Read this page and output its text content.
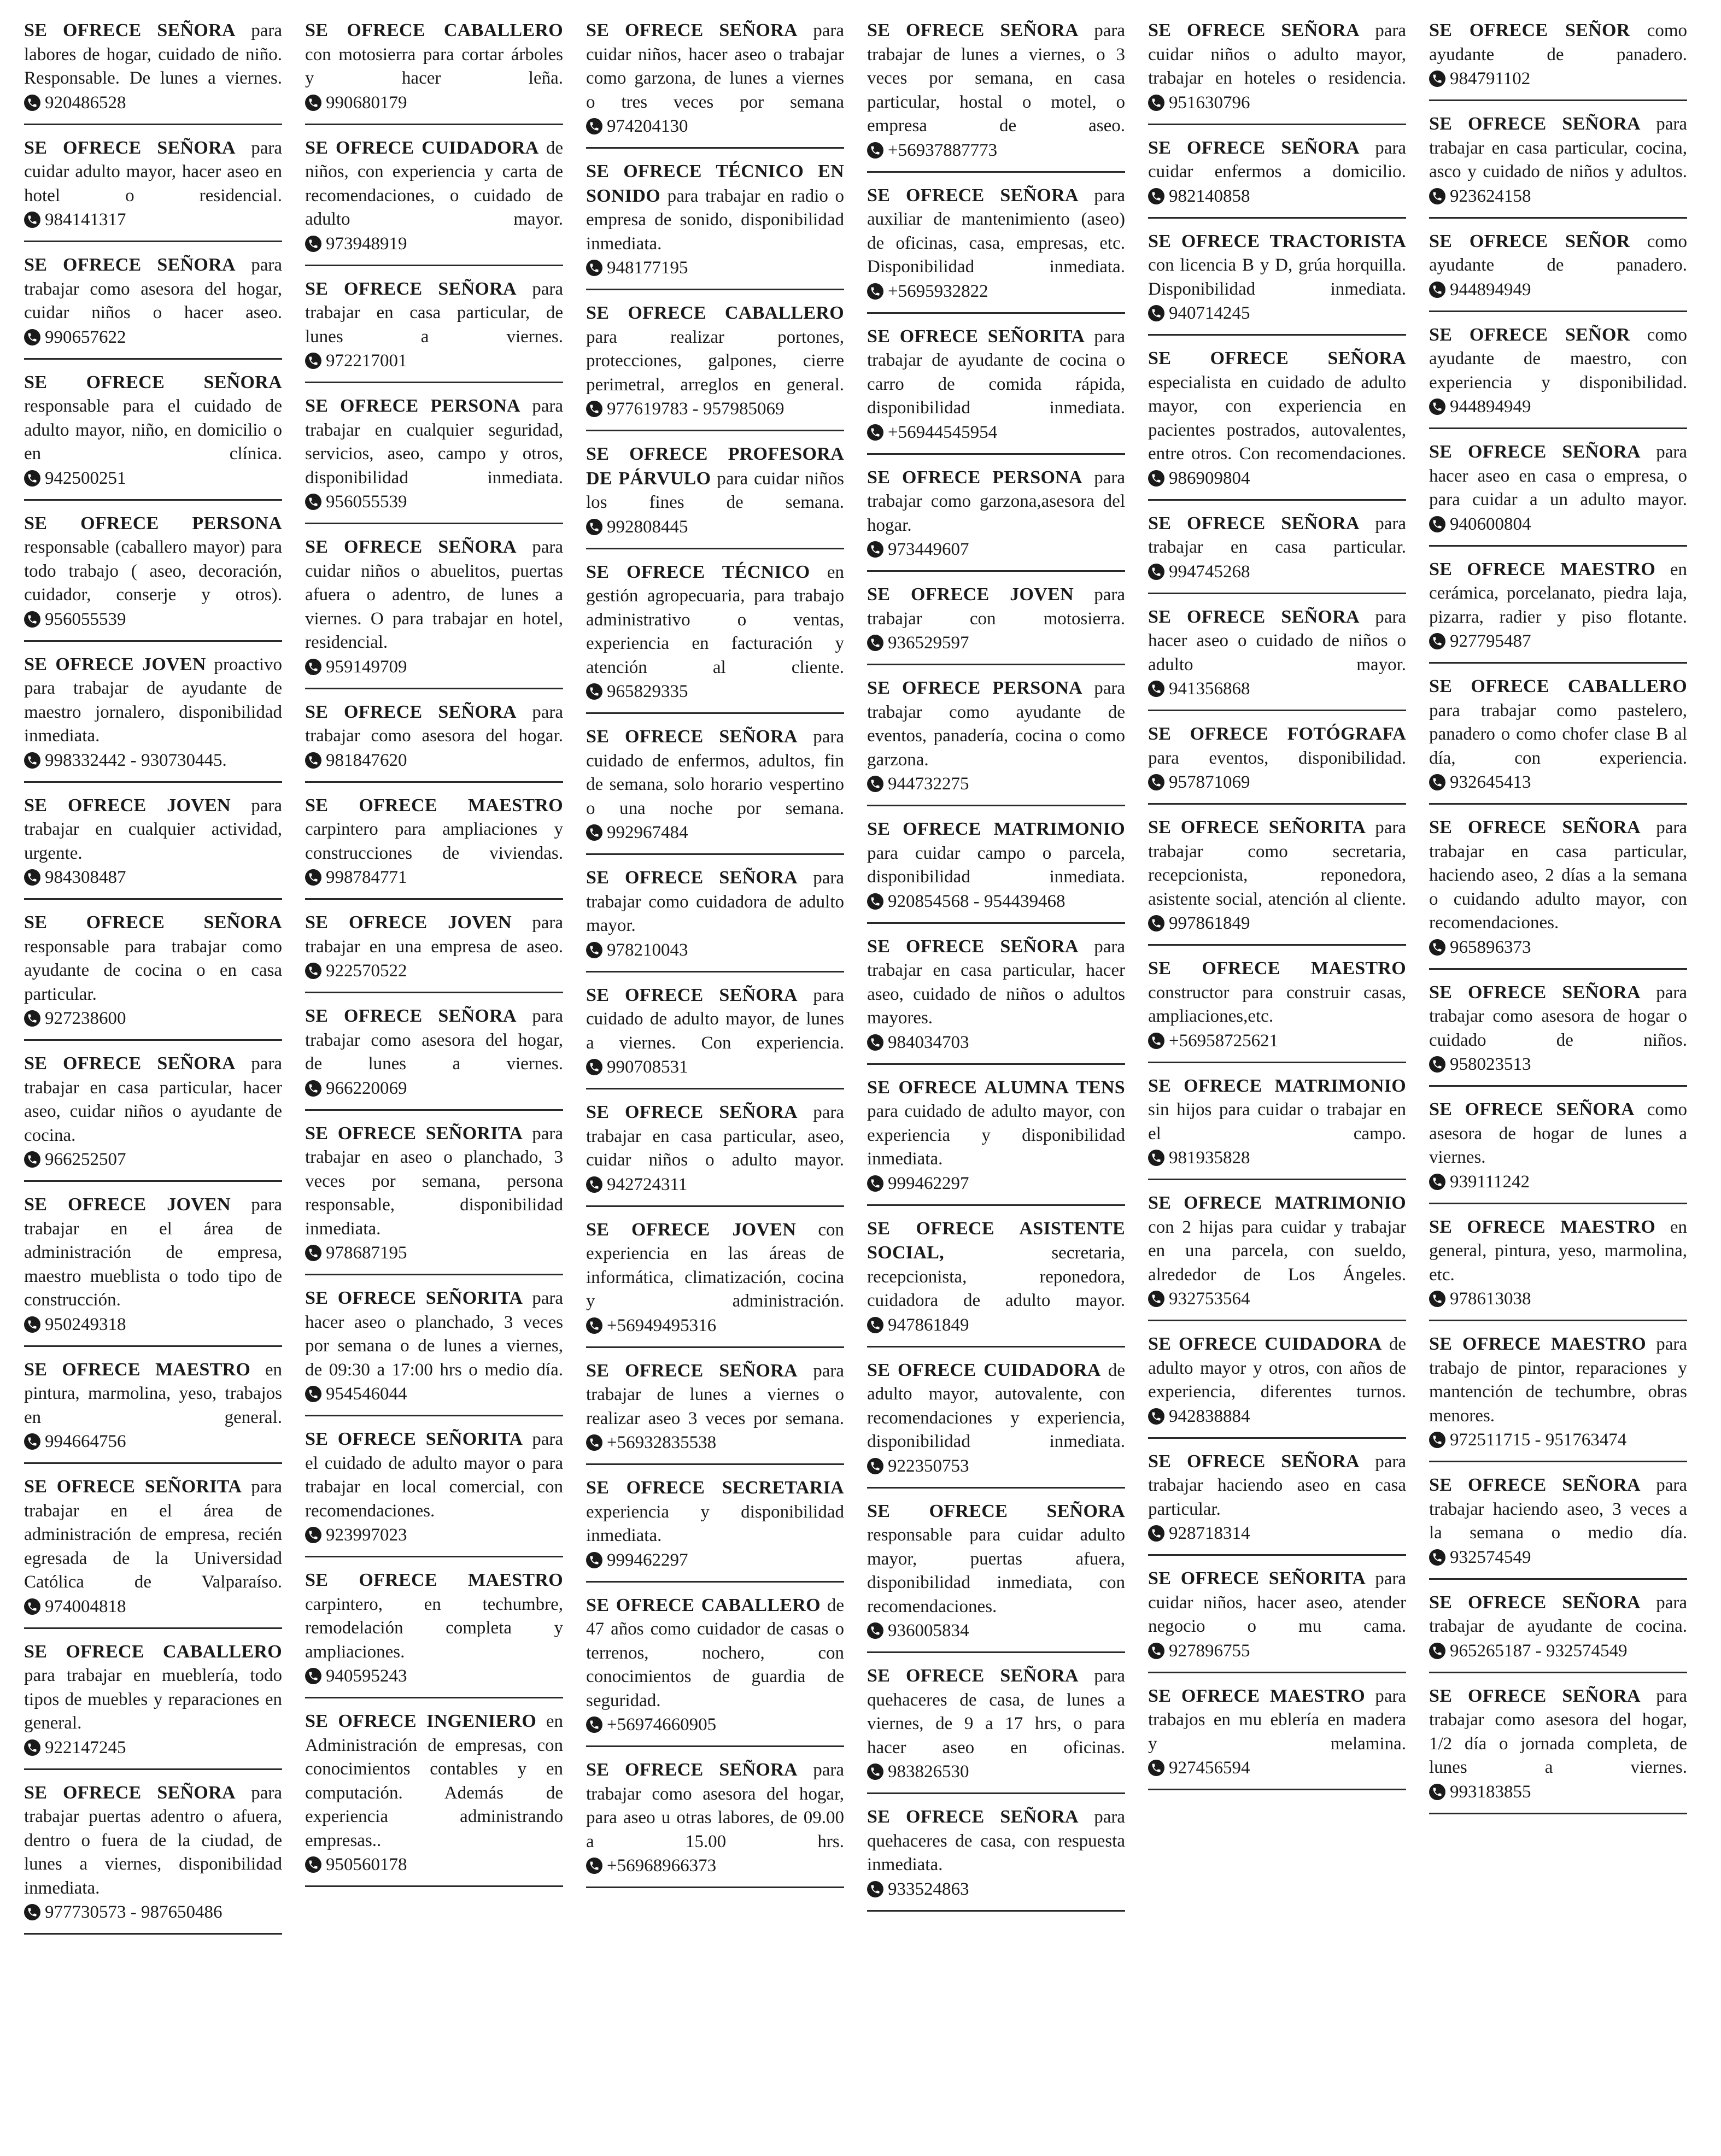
SE OFRECE SEÑORA para labores de hogar, cuidado de niño. Responsable. De lunes a viernes.

920486528

SE OFRECE SEÑORA para cuidar adulto mayor, hacer aseo en hotel o residencial.

984141317

SE OFRECE SEÑORA para trabajar como asesora del hogar, cuidar niños o hacer aseo.

990657622

SE OFRECE SEÑORA responsable para el cuidado de adulto mayor, niño, en domicilio o en clínica.

942500251

SE OFRECE PERSONA responsable (caballero mayor) para todo trabajo ( aseo, decoración, cuidador, conserje y otros).

956055539

SE OFRECE JOVEN proactivo para trabajar de ayudante de maestro jornalero, disponibilidad inmediata.

998332442 - 930730445.

SE OFRECE JOVEN para trabajar en cualquier actividad, urgente.

984308487

SE OFRECE SEÑORA responsable para trabajar como ayudante de cocina o en casa particular.

927238600

SE OFRECE SEÑORA para trabajar en casa particular, hacer aseo, cuidar niños o ayudante de cocina.

966252507

SE OFRECE JOVEN para trabajar en el área de administración de empresa, maestro mueblista o todo tipo de construcción.

950249318

SE OFRECE MAESTRO en pintura, marmolina, yeso, trabajos en general.

994664756

SE OFRECE SEÑORITA para trabajar en el área de administración de empresa, recién egresada de la Universidad Católica de Valparaíso.

974004818

SE OFRECE CABALLERO para trabajar en mueblería, todo tipos de muebles y reparaciones en general.

922147245

SE OFRECE SEÑORA para trabajar puertas adentro o afuera, dentro o fuera de la ciudad, de lunes a viernes, disponibilidad inmediata.

977730573 - 987650486

SE OFRECE CABALLERO con motosierra para cortar árboles y hacer leña.

990680179

SE OFRECE CUIDADORA de niños, con experiencia y carta de recomendaciones, o cuidado de adulto mayor.

973948919

SE OFRECE SEÑORA para trabajar en casa particular, de lunes a viernes.

972217001

SE OFRECE PERSONA para trabajar en cualquier seguridad, servicios, aseo, campo y otros, disponibilidad inmediata.

956055539

SE OFRECE SEÑORA para cuidar niños o abuelitos, puertas afuera o adentro, de lunes a viernes. O para trabajar en hotel, residencial.

959149709

SE OFRECE SEÑORA para trabajar como asesora del hogar.

981847620

SE OFRECE MAESTRO carpintero para ampliaciones y construcciones de viviendas.

998784771

SE OFRECE JOVEN para trabajar en una empresa de aseo.

922570522

SE OFRECE SEÑORA para trabajar como asesora del hogar, de lunes a viernes.

966220069

SE OFRECE SEÑORITA para trabajar en aseo o planchado, 3 veces por semana, persona responsable, disponibilidad inmediata.

978687195

SE OFRECE SEÑORITA para hacer aseo o planchado, 3 veces por semana o de lunes a viernes, de 09:30 a 17:00 hrs o medio día.

954546044

SE OFRECE SEÑORITA para el cuidado de adulto mayor o para trabajar en local comercial, con recomendaciones.

923997023

SE OFRECE MAESTRO carpintero, en techumbre, remodelación completa y ampliaciones.

940595243

SE OFRECE INGENIERO en Administración de empresas, con conocimientos contables y en computación. Además de experiencia administrando empresas..

950560178

SE OFRECE SEÑORA para cuidar niños, hacer aseo o trabajar como garzona, de lunes a viernes o tres veces por semana

974204130

SE OFRECE TÉCNICO EN SONIDO para trabajar en radio o empresa de sonido, disponibilidad inmediata.

948177195

SE OFRECE CABALLERO para realizar portones, protecciones, galpones, cierre perimetral, arreglos en general.

977619783 - 957985069

SE OFRECE PROFESORA DE PÁRVULO para cuidar niños los fines de semana.

992808445

SE OFRECE TÉCNICO en gestión agropecuaria, para trabajo administrativo o ventas, experiencia en facturación y atención al cliente.

965829335

SE OFRECE SEÑORA para cuidado de enfermos, adultos, fin de semana, solo horario vespertino o una noche por semana.

992967484

SE OFRECE SEÑORA para trabajar como cuidadora de adulto mayor.

978210043

SE OFRECE SEÑORA para cuidado de adulto mayor, de lunes a viernes. Con experiencia.

990708531

SE OFRECE SEÑORA para trabajar en casa particular, aseo, cuidar niños o adulto mayor.

942724311

SE OFRECE JOVEN con experiencia en las áreas de informática, climatización, cocina y administración.

+56949495316

SE OFRECE SEÑORA para trabajar de lunes a viernes o realizar aseo 3 veces por semana.

+56932835538

SE OFRECE SECRETARIA experiencia y disponibilidad inmediata.

999462297

SE OFRECE CABALLERO de 47 años como cuidador de casas o terrenos, nochero, con conocimientos de guardia de seguridad.

+56974660905

SE OFRECE SEÑORA para trabajar como asesora del hogar, para aseo u otras labores, de 09.00 a 15.00 hrs.

+56968966373

SE OFRECE SEÑORA para trabajar de lunes a viernes, o 3 veces por semana, en casa particular, hostal o motel, o empresa de aseo.

+56937887773

SE OFRECE SEÑORA para auxiliar de mantenimiento (aseo) de oficinas, casa, empresas, etc. Disponibilidad inmediata.

+5695932822

SE OFRECE SEÑORITA para trabajar de ayudante de cocina o carro de comida rápida, disponibilidad inmediata.

+56944545954

SE OFRECE PERSONA para trabajar como garzona,asesora del hogar.

973449607

SE OFRECE JOVEN para trabajar con motosierra.

936529597

SE OFRECE PERSONA para trabajar como ayudante de eventos, panadería, cocina o como garzona.

944732275

SE OFRECE MATRIMONIO para cuidar campo o parcela, disponibilidad inmediata.

920854568 - 954439468

SE OFRECE SEÑORA para trabajar en casa particular, hacer aseo, cuidado de niños o adultos mayores.

984034703

SE OFRECE ALUMNA TENS para cuidado de adulto mayor, con experiencia y disponibilidad inmediata.

999462297

SE OFRECE ASISTENTE SOCIAL,	secretaria, recepcionista, reponedora, cuidadora de adulto mayor.

947861849

SE OFRECE CUIDADORA de adulto mayor, autovalente, con recomendaciones y experiencia, disponibilidad inmediata.

922350753

SE OFRECE SEÑORA responsable para cuidar adulto mayor, puertas afuera, disponibilidad inmediata, con recomendaciones.

936005834

SE OFRECE SEÑORA para quehaceres de casa, de lunes a viernes, de 9 a 17 hrs, o para hacer aseo en oficinas.

983826530

SE OFRECE SEÑORA para quehaceres de casa, con respuesta inmediata.

933524863

SE OFRECE SEÑORA para cuidar niños o adulto mayor, trabajar en hoteles o residencia.

951630796

SE OFRECE SEÑORA para cuidar enfermos a domicilio.

982140858

SE OFRECE TRACTORISTA con licencia B y D, grúa horquilla. Disponibilidad inmediata.

940714245

SE OFRECE SEÑORA especialista en cuidado de adulto mayor, con experiencia en pacientes postrados, autovalentes, entre otros. Con recomendaciones.

986909804

SE OFRECE SEÑORA para trabajar en casa particular.

994745268

SE OFRECE SEÑORA para hacer aseo o cuidado de niños o adulto mayor.

941356868

SE OFRECE FOTÓGRAFA para eventos, disponibilidad.

957871069

SE OFRECE SEÑORITA para trabajar como secretaria, recepcionista, reponedora, asistente social, atención al cliente.

997861849

SE OFRECE MAESTRO constructor para construir casas, ampliaciones,etc.

+56958725621

SE OFRECE MATRIMONIO sin hijos para cuidar o trabajar en el campo.

981935828

SE OFRECE MATRIMONIO con 2 hijas para cuidar y trabajar en una parcela, con sueldo, alrededor de Los Ángeles.

932753564

SE OFRECE CUIDADORA de adulto mayor y otros, con años de experiencia, diferentes turnos.

942838884

SE OFRECE SEÑORA para trabajar haciendo aseo en casa particular.

928718314

SE OFRECE SEÑORITA para cuidar niños, hacer aseo, atender negocio o mu cama.

927896755

SE OFRECE MAESTRO para trabajos en mu eblería en madera y melamina.

927456594

SE OFRECE SEÑOR como ayudante de panadero.

984791102

SE OFRECE SEÑORA para trabajar en casa particular, cocina, asco y cuidado de niños y adultos.

923624158

SE OFRECE SEÑOR como ayudante de panadero.

944894949

SE OFRECE SEÑOR como ayudante de maestro, con experiencia y disponibilidad.

944894949

SE OFRECE SEÑORA para hacer aseo en casa o empresa, o para cuidar a un adulto mayor.

940600804

SE OFRECE MAESTRO en cerámica, porcelanato, piedra laja, pizarra, radier y piso flotante.

927795487

SE OFRECE CABALLERO para trabajar como pastelero, panadero o como chofer clase B al día, con experiencia.

932645413

SE OFRECE SEÑORA para trabajar en casa particular, haciendo aseo, 2 días a la semana o cuidando adulto mayor, con recomendaciones.

965896373

SE OFRECE SEÑORA para trabajar como asesora de hogar o cuidado de niños.

958023513

SE OFRECE SEÑORA como asesora de hogar de lunes a viernes.

939111242

SE OFRECE MAESTRO en general, pintura, yeso, marmolina, etc.

978613038

SE OFRECE MAESTRO para trabajo de pintor, reparaciones y mantención de techumbre, obras menores.

972511715 - 951763474

SE OFRECE SEÑORA para trabajar haciendo aseo, 3 veces a la semana o medio día.

932574549

SE OFRECE SEÑORA para trabajar de ayudante de cocina.

965265187 - 932574549

SE OFRECE SEÑORA para trabajar como asesora del hogar, 1/2 día o jornada completa, de lunes a viernes.

993183855
